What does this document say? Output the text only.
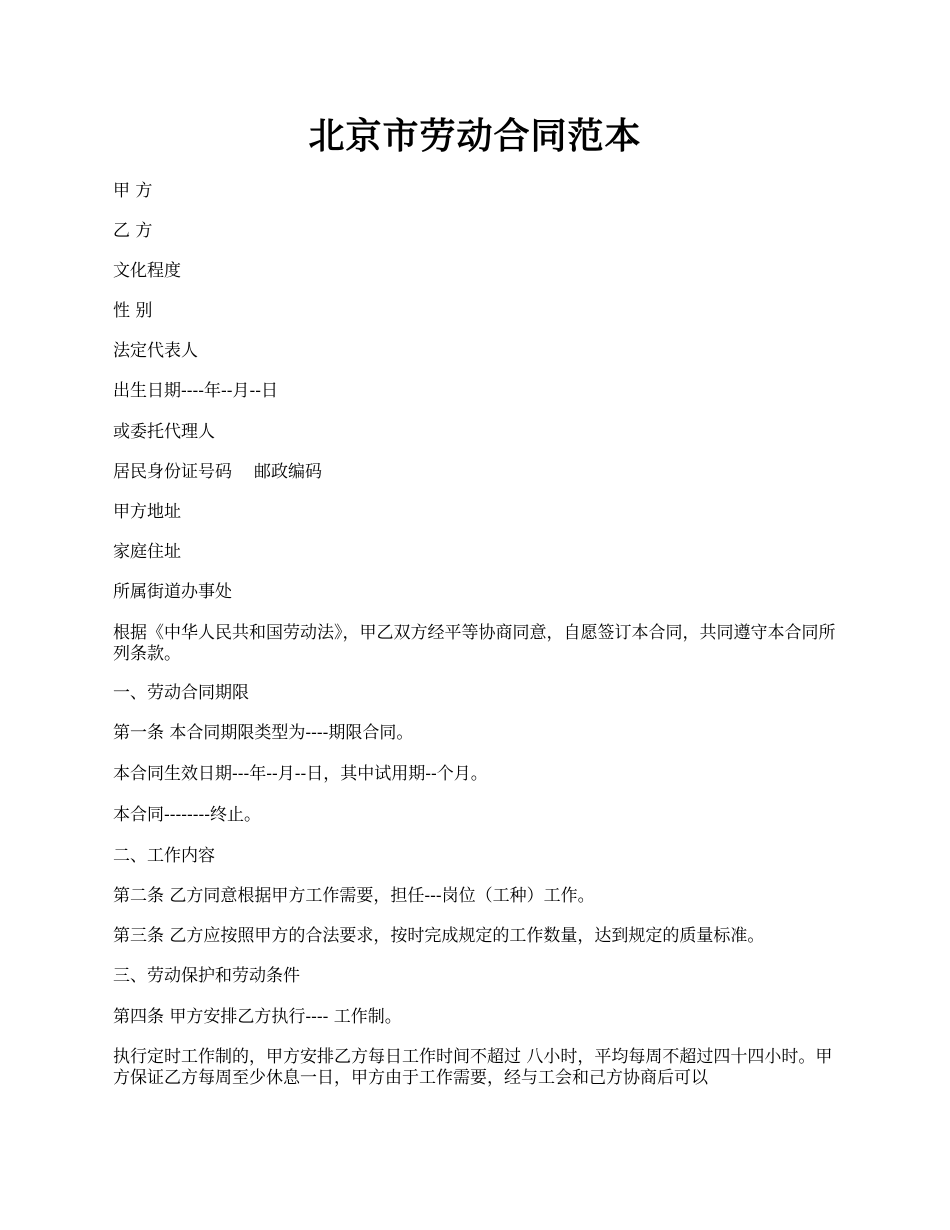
北京市劳动合同范本

甲 方

乙 方

文化程度

性 别

法定代表人

出生日期----年--月--日

或委托代理人

居民身份证号码 邮政编码

甲方地址

家庭住址

所属街道办事处

根据《中华人民共和国劳动法》，甲乙双方经平等协商同意，自愿签订本合同，共同遵守本合同所列条款。

一、劳动合同期限

第一条 本合同期限类型为----期限合同。

本合同生效日期---年--月--日，其中试用期--个月。

本合同--------终止。

二、工作内容

第二条 乙方同意根据甲方工作需要，担任---岗位（工种）工作。

第三条 乙方应按照甲方的合法要求，按时完成规定的工作数量，达到规定的质量标准。

三、劳动保护和劳动条件

第四条 甲方安排乙方执行---- 工作制。

执行定时工作制的，甲方安排乙方每日工作时间不超过 八小时，平均每周不超过四十四小时。甲方保证乙方每周至少休息一日，甲方由于工作需要，经与工会和己方协商后可以
